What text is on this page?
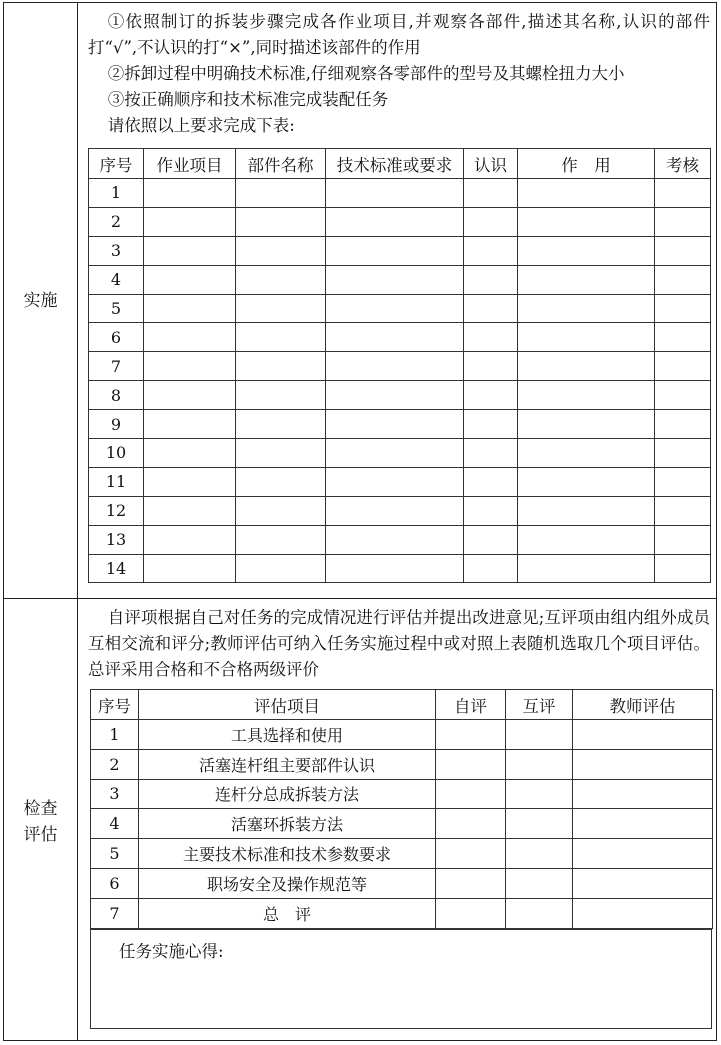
实施

①依照制订的拆装步骤完成各作业项目,并观察各部件,描述其名称,认识的部件打“√”,不认识的打“×”,同时描述该部件的作用

②拆卸过程中明确技术标准,仔细观察各零部件的型号及其螺栓扭力大小

③按正确顺序和技术标准完成装配任务

请依照以上要求完成下表:

序号	作业项目	部件名称	技术标准或要求	认识	作　用	考核
1						
2						
3						
4						
5						
6						
7						
8						
9						
10						
11						
12						
13						
14						
检查
评估

自评项根据自己对任务的完成情况进行评估并提出改进意见;互评项由组内组外成员互相交流和评分;教师评估可纳入任务实施过程中或对照上表随机选取几个项目评估。总评采用合格和不合格两级评价

序号	评估项目	自评	互评	教师评估
1	工具选择和使用			
2	活塞连杆组主要部件认识			
3	连杆分总成拆装方法			
4	活塞环拆装方法			
5	主要技术标准和技术参数要求			
6	职场安全及操作规范等			
7	总　评			
任务实施心得:
